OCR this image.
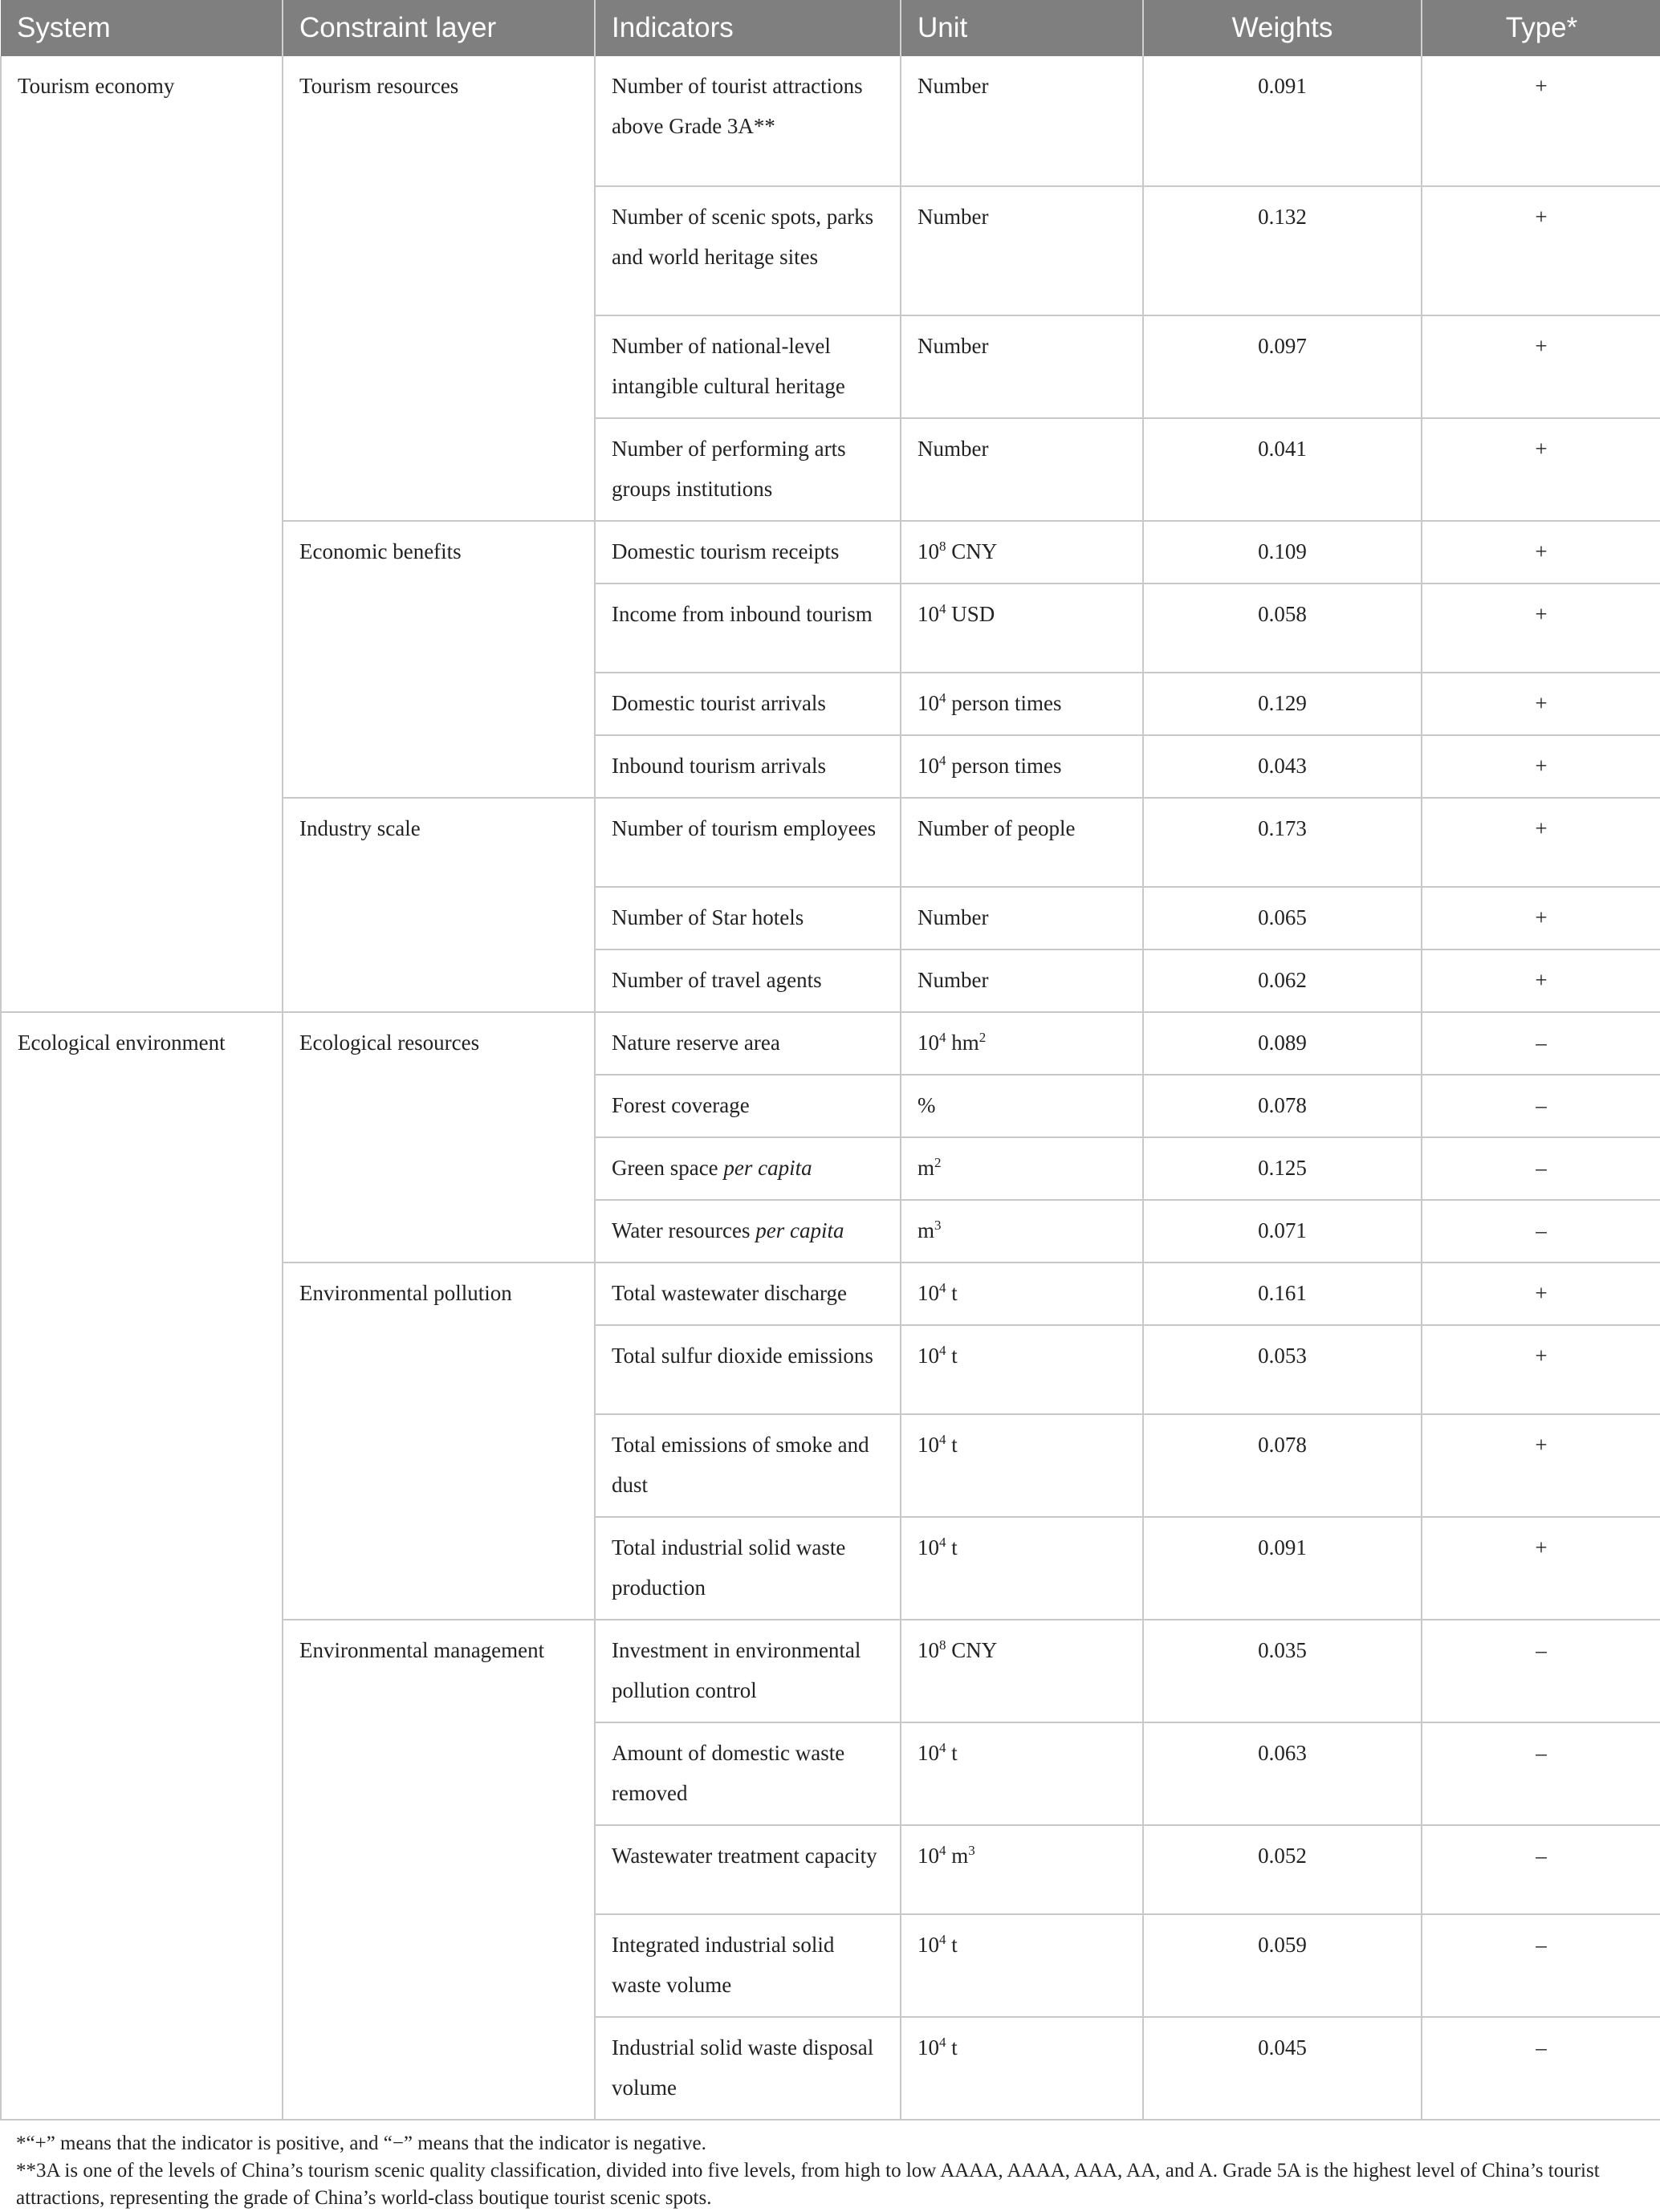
System	Constraint layer	Indicators	Unit	Weights	Type*
Tourism economy	Tourism resources	Number of tourist attractions above Grade 3A**	Number	0.091	+
		Number of scenic spots, parks and world heritage sites	Number	0.132	+
		Number of national-level intangible cultural heritage	Number	0.097	+
		Number of performing arts groups institutions	Number	0.041	+
	Economic benefits	Domestic tourism receipts	$10^8$ CNY	0.109	+
		Income from inbound tourism	$10^4$ USD	0.058	+
		Domestic tourist arrivals	$10^4$ person times	0.129	+
		Inbound tourism arrivals	$10^4$ person times	0.043	+
	Industry scale	Number of tourism employees	Number of people	0.173	+
		Number of Star hotels	Number	0.065	+
		Number of travel agents	Number	0.062	+
Ecological environment	Ecological resources	Nature reserve area	$10^4$ $hm^2$	0.089	–
		Forest coverage	%	0.078	–
		Green space per capita	$m^2$	0.125	–
		Water resources per capita	$m^3$	0.071	–
	Environmental pollution	Total wastewater discharge	$10^4$ t	0.161	+
		Total sulfur dioxide emissions	$10^4$ t	0.053	+
		Total emissions of smoke and dust	$10^4$ t	0.078	+
		Total industrial solid waste production	$10^4$ t	0.091	+
	Environmental management	Investment in environmental pollution control	$10^8$ CNY	0.035	–
		Amount of domestic waste removed	$10^4$ t	0.063	–
		Wastewater treatment capacity	$10^4$ $m^3$	0.052	–
		Integrated industrial solid waste volume	$10^4$ t	0.059	–
		Industrial solid waste disposal volume	$10^4$ t	0.045	–

*“+” means that the indicator is positive, and “−” means that the indicator is negative.

**3A is one of the levels of China’s tourism scenic quality classification, divided into five levels, from high to low AAAA, AAAA, AAA, AA, and A. Grade 5A is the highest level of China’s tourist attractions, representing the grade of China’s world-class boutique tourist scenic spots.
